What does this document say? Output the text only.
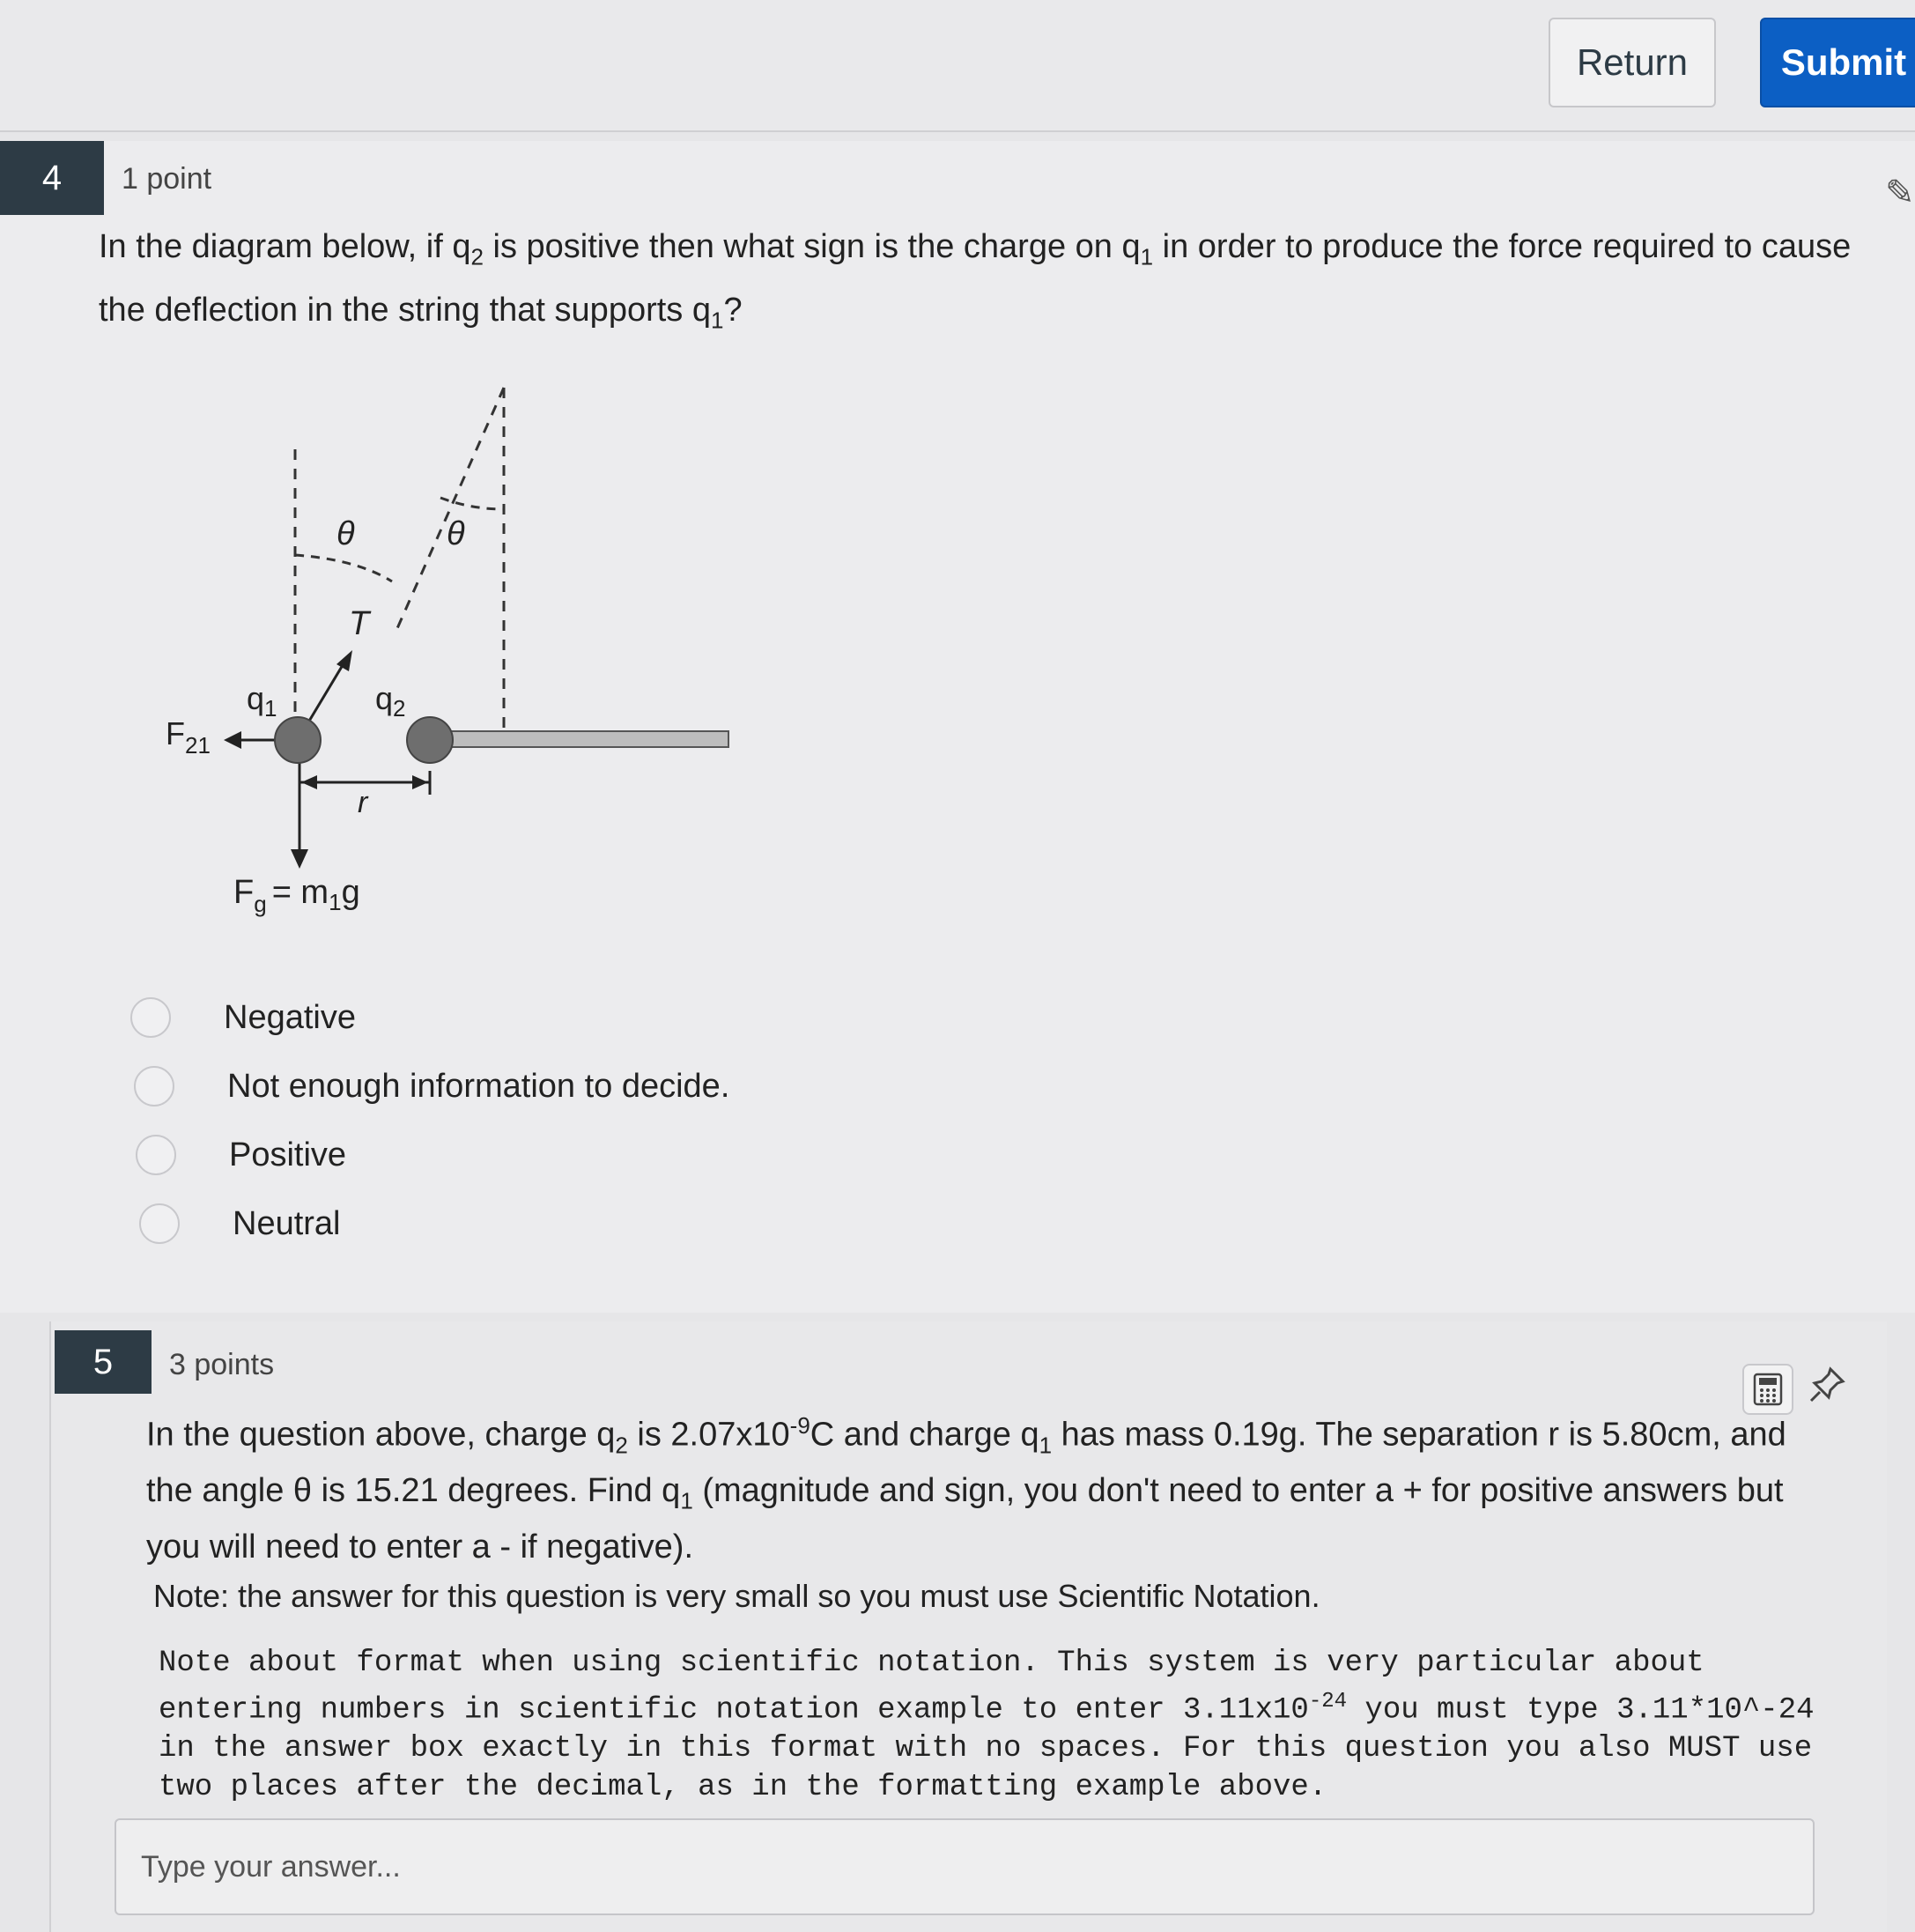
Return	Submit
4	1 point	✎
In the diagram below, if $q_2$ is positive then what sign is the charge on $q_1$ in order to produce the force required to cause the deflection in the string that supports $q_1$?
θ	θ
T
$q_1$	$q_2$
$F_{21}$
r
$F_g = m_1g$
Negative
Not enough information to decide.
Positive
Neutral
5	3 points
In the question above, charge $q_2$ is $2.07x10^{-9}C$ and charge $q_1$ has mass 0.19g. The separation r is 5.80cm, and the angle θ is 15.21 degrees. Find $q_1$ (magnitude and sign, you don't need to enter a + for positive answers but you will need to enter a - if negative).
Note: the answer for this question is very small so you must use Scientific Notation.
Note about format when using scientific notation. This system is very particular about entering numbers in scientific notation example to enter $3.11x10^{-24}$ you must type 3.11*10^-24 in the answer box exactly in this format with no spaces. For this question you also MUST use two places after the decimal, as in the formatting example above.
Type your answer...
